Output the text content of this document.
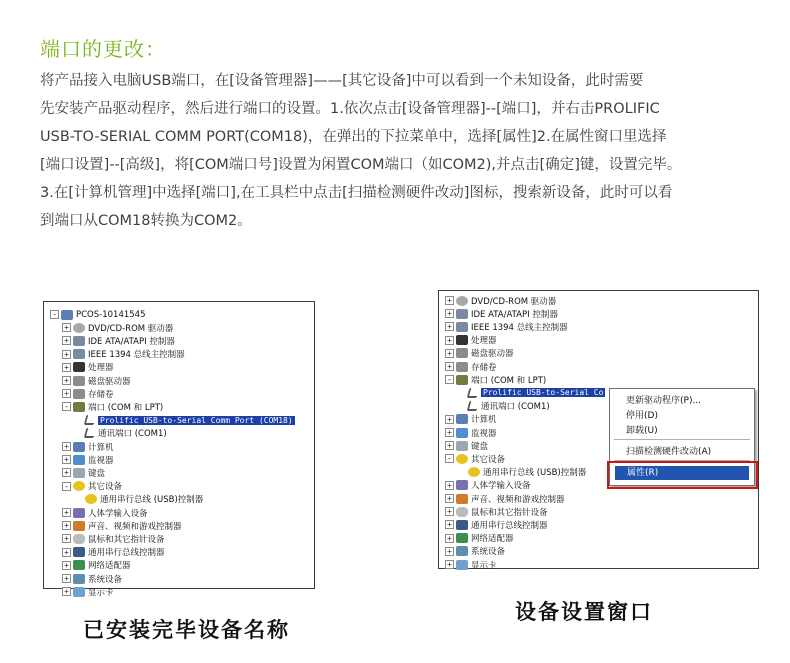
端口的更改：
将产品接入电脑USB端口，在[设备管理器]——[其它设备]中可以看到一个未知设备，此时需要
先安装产品驱动程序，然后进行端口的设置。1.依次点击[设备管理器]--[端口]，并右击PROLIFIC
USB-TO-SERIAL COMM PORT(COM18)，在弹出的下拉菜单中，选择[属性]2.在属性窗口里选择
[端口设置]--[高级]，将[COM端口号]设置为闲置COM端口（如COM2),并点击[确定]键，设置完毕。
3.在[计算机管理]中选择[端口],在工具栏中点击[扫描检测硬件改动]图标，搜索新设备，此时可以看
到端口从COM18转换为COM2。
- PCOS-10141545
+ DVD/CD-ROM 驱动器
+ IDE ATA/ATAPI 控制器
+ IEEE 1394 总线主控制器
+ 处理器
+ 磁盘驱动器
+ 存储卷
- 端口 (COM 和 LPT)
Prolific USB-to-Serial Comm Port (COM18)
通讯端口 (COM1)
+ 计算机
+ 监视器
+ 键盘
- 其它设备
通用串行总线 (USB)控制器
+ 人体学输入设备
+ 声音、视频和游戏控制器
+ 鼠标和其它指针设备
+ 通用串行总线控制器
+ 网络适配器
+ 系统设备
+ 显示卡
+ DVD/CD-ROM 驱动器
+ IDE ATA/ATAPI 控制器
+ IEEE 1394 总线主控制器
+ 处理器
+ 磁盘驱动器
+ 存储卷
- 端口 (COM 和 LPT)
Prolific USB-to-Serial Co
通讯端口 (COM1)
+ 计算机
+ 监视器
+ 键盘
- 其它设备
通用串行总线 (USB)控制器
+ 人体学输入设备
+ 声音、视频和游戏控制器
+ 鼠标和其它指针设备
+ 通用串行总线控制器
+ 网络适配器
+ 系统设备
+ 显示卡
更新驱动程序(P)...
停用(D)
卸载(U)
扫描检测硬件改动(A)
属性(R)
已安装完毕设备名称
设备设置窗口
